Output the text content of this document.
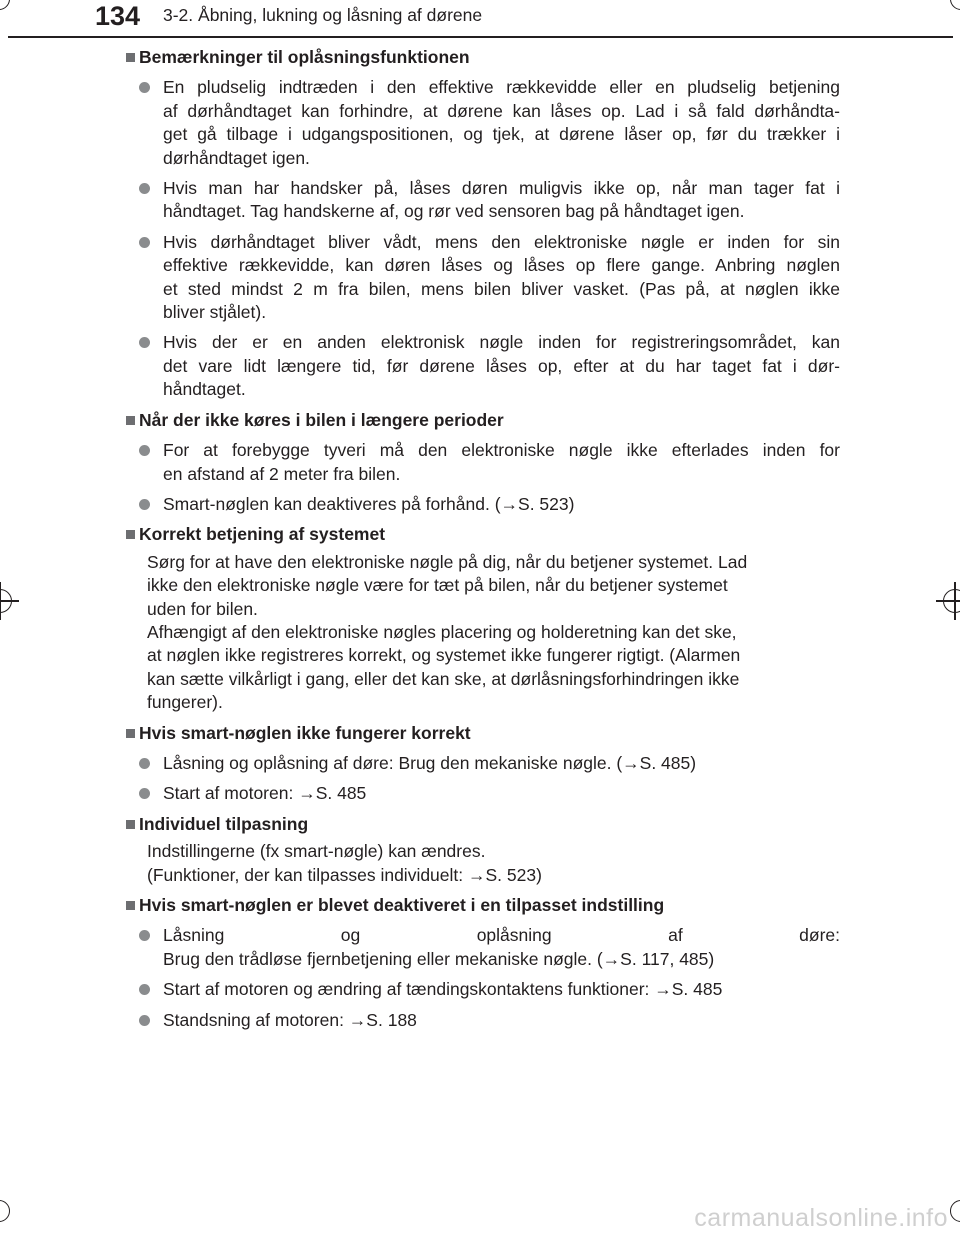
134 3-2. Åbning, lukning og låsning af dørene
Bemærkninger til oplåsningsfunktionen
En pludselig indtræden i den effektive rækkevidde eller en pludselig betjening
af dørhåndtaget kan forhindre, at dørene kan låses op. Lad i så fald dørhåndta-
get gå tilbage i udgangspositionen, og tjek, at dørene låser op, før du trækker i
dørhåndtaget igen.
Hvis man har handsker på, låses døren muligvis ikke op, når man tager fat i
håndtaget. Tag handskerne af, og rør ved sensoren bag på håndtaget igen.
Hvis dørhåndtaget bliver vådt, mens den elektroniske nøgle er inden for sin
effektive rækkevidde, kan døren låses og låses op flere gange. Anbring nøglen
et sted mindst 2 m fra bilen, mens bilen bliver vasket. (Pas på, at nøglen ikke
bliver stjålet).
Hvis der er en anden elektronisk nøgle inden for registreringsområdet, kan
det vare lidt længere tid, før dørene låses op, efter at du har taget fat i dør-
håndtaget.
Når der ikke køres i bilen i længere perioder
For at forebygge tyveri må den elektroniske nøgle ikke efterlades inden for
en afstand af 2 meter fra bilen.
Smart-nøglen kan deaktiveres på forhånd. (→S. 523)
Korrekt betjening af systemet
Sørg for at have den elektroniske nøgle på dig, når du betjener systemet. Lad
ikke den elektroniske nøgle være for tæt på bilen, når du betjener systemet
uden for bilen.
Afhængigt af den elektroniske nøgles placering og holderetning kan det ske,
at nøglen ikke registreres korrekt, og systemet ikke fungerer rigtigt. (Alarmen
kan sætte vilkårligt i gang, eller det kan ske, at dørlåsningsforhindringen ikke
fungerer).
Hvis smart-nøglen ikke fungerer korrekt
Låsning og oplåsning af døre: Brug den mekaniske nøgle. (→S. 485)
Start af motoren: →S. 485
Individuel tilpasning
Indstillingerne (fx smart-nøgle) kan ændres.
(Funktioner, der kan tilpasses individuelt: →S. 523)
Hvis smart-nøglen er blevet deaktiveret i en tilpasset indstilling
Låsning og oplåsning af døre:
Brug den trådløse fjernbetjening eller mekaniske nøgle. (→S. 117, 485)
Start af motoren og ændring af tændingskontaktens funktioner: →S. 485
Standsning af motoren: →S. 188
carmanualsonline.info
